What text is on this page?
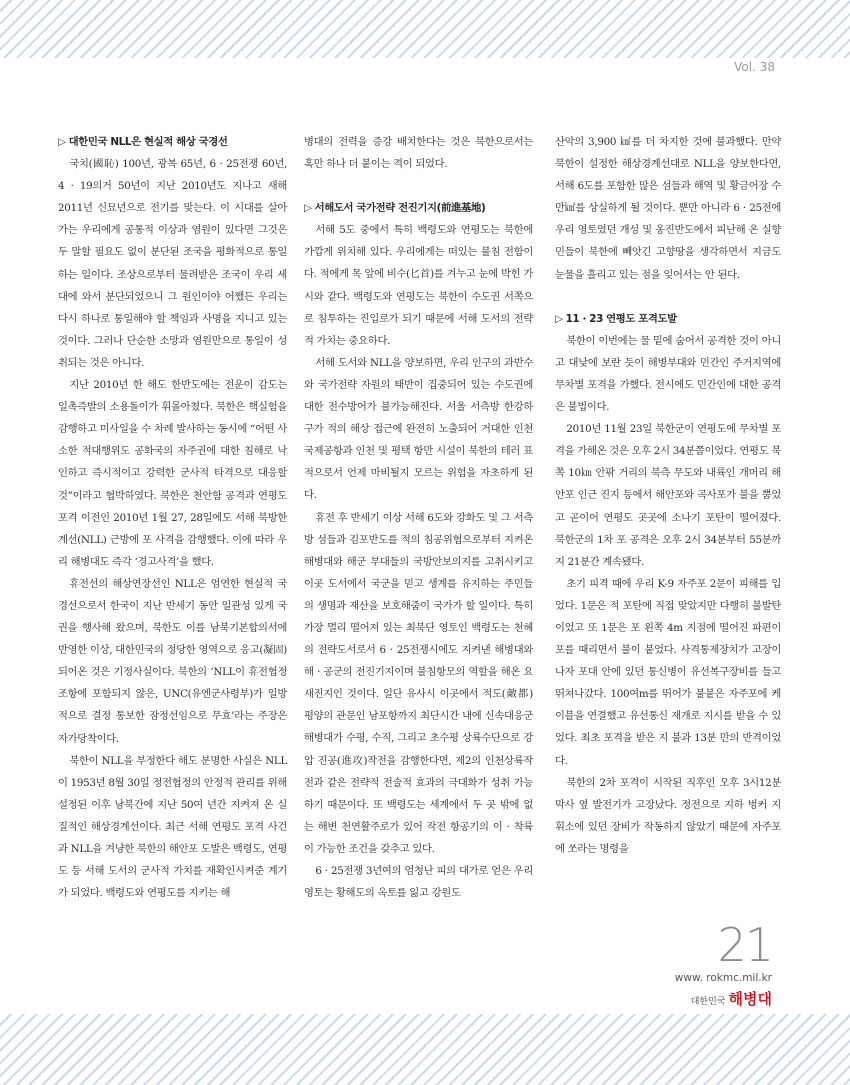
Vol. 38
▷ 대한민국 NLL은 현실적 해상 국경선

국치(國恥) 100년, 광복 65년, 6 · 25전쟁 60년, 4 · 19의거 50년이 지난 2010년도 지나고 새해 2011년 신묘년으로 전기를 맞는다. 이 시대를 살아가는 우리에게 공통적 이상과 염원이 있다면 그것은 두 말할 필요도 없이 분단된 조국을 평화적으로 통일하는 일이다. 조상으로부터 물려받은 조국이 우리 세대에 와서 분단되었으니 그 원인이야 어쨌든 우리는 다시 하나로 통일해야 할 책임과 사명을 지니고 있는 것이다. 그러나 단순한 소망과 염원만으로 통일이 성취되는 것은 아니다.

지난 2010년 한 해도 한반도에는 전운이 감도는 일촉즉발의 소용돌이가 휘몰아쳤다. 북한은 핵실험을 감행하고 미사일을 수 차례 발사하는 동시에 “어떤 사소한 적대행위도 공화국의 자주권에 대한 침해로 낙인하고 즉시적이고 강력한 군사적 타격으로 대응할 것”이라고 협박하였다. 북한은 천안함 공격과 연평도 포격 이전인 2010년 1월 27, 28일에도 서해 북방한계선(NLL) 근방에 포 사격을 감행했다. 이에 따라 우리 해병대도 즉각 ‘경고사격’을 했다.

휴전선의 해상연장선인 NLL은 엄연한 현실적 국경선으로서 한국이 지난 반세기 동안 일관성 있게 국권을 행사해 왔으며, 북한도 이를 남북기본합의서에 반영한 이상, 대한민국의 정당한 영역으로 응고(凝固)되어온 것은 기정사실이다. 북한의 ‘NLL이 휴전협정 조항에 포함되지 않은, UNC(유엔군사령부)가 일방적으로 결정 통보한 잠정선임으로 무효’라는 주장은 자가당착이다.

북한이 NLL을 부정한다 해도 분명한 사실은 NLL이 1953년 8월 30일 정전협정의 안정적 관리를 위해 설정된 이후 남북간에 지난 50여 년간 지켜져 온 실질적인 해상경계선이다. 최근 서해 연평도 포격 사건과 NLL을 겨냥한 북한의 해안포 도발은 백령도, 연평도 등 서해 도서의 군사적 가치를 재확인시켜준 계기가 되었다. 백령도와 연평도를 지키는 해

병대의 전력을 증강 배치한다는 것은 북한으로서는 혹만 하나 더 붙이는 격이 되었다.

▷ 서해도서 국가전략 전진기지(前進基地)

서해 5도 중에서 특히 백령도와 연평도는 북한에 가깝게 위치해 있다. 우리에게는 떠있는 불침 전함이다. 적에게 목 앞에 비수(匕首)를 겨누고 눈에 박힌 가시와 같다. 백령도와 연평도는 북한이 수도권 서쪽으로 침투하는 진입로가 되기 때문에 서해 도서의 전략적 가치는 중요하다.

서해 도서와 NLL을 양보하면, 우리 인구의 과반수와 국가전략 자원의 태반이 집중되어 있는 수도권에 대한 전수방어가 불가능해진다. 서울 서측방 한강하구가 적의 해상 접근에 완전히 노출되어 거대한 인천국제공항과 인천 및 평택 항만 시설이 북한의 테러 표적으로서 언제 마비될지 모르는 위험을 자초하게 된다.

휴전 후 반세기 이상 서해 6도와 강화도 및 그 서측방 섬들과 김포반도를 적의 침공위협으로부터 지켜온 해병대와 해군 부대들의 국방안보의지를 고취시키고 이곳 도서에서 국군을 믿고 생계를 유지하는 주민들의 생명과 재산을 보호해줌이 국가가 할 일이다. 특히 가장 멀리 떨어져 있는 최북단 영토인 백령도는 천혜의 전략도서로서 6 · 25전쟁시에도 지켜낸 해병대와 해 · 공군의 전진기지이며 불침항모의 역할을 해온 요새진지인 것이다. 일단 유사시 이곳에서 적도(敵都) 평양의 관문인 남포항까지 최단시간 내에 신속대응군 해병대가 수평, 수직, 그리고 초수평 상륙수단으로 강압 진공(進攻)작전을 감행한다면, 제2의 인천상륙작전과 같은 전략적 전술적 효과의 극대화가 성취 가능하기 때문이다. 또 백령도는 세계에서 두 곳 밖에 없는 해변 천연활주로가 있어 작전 항공기의 이 · 착륙이 가능한 조건을 갖추고 있다.

6 · 25전쟁 3년여의 엄청난 피의 대가로 얻은 우리 영토는 황해도의 옥토를 잃고 강원도

산악의 3,900 ㎢를 더 차지한 것에 불과했다. 만약 북한이 설정한 해상경계선대로 NLL을 양보한다면, 서해 6도를 포함한 많은 섬들과 해역 및 황금어장 수만㎢를 상실하게 될 것이다. 뿐만 아니라 6 · 25전에 우리 영토였던 개성 및 옹진반도에서 피난해 온 실향민들이 북한에 빼앗긴 고향땅을 생각하면서 지금도 눈물을 흘리고 있는 점을 잊어서는 안 된다.

▷ 11 · 23 연평도 포격도발

북한이 이번에는 물 밑에 숨어서 공격한 것이 아니고 대낮에 보란 듯이 해병부대와 민간인 주거지역에 무차별 포격을 가했다. 전시에도 민간인에 대한 공격은 불법이다.

2010년 11월 23일 북한군이 연평도에 무차별 포격을 가해온 것은 오후 2시 34분쯤이었다. 연평도 북쪽 10㎞ 안팎 거리의 북측 무도와 내륙인 개머리 해안포 인근 진지 등에서 해안포와 곡사포가 불을 뿜었고 곧이어 연평도 곳곳에 소나기 포탄이 떨어졌다. 북한군의 1차 포 공격은 오후 2시 34분부터 55분까지 21분간 계속됐다.

초기 피격 때에 우리 K-9 자주포 2문이 피해를 입었다. 1문은 적 포탄에 직접 맞았지만 다행히 불발탄이었고 또 1문은 포 왼쪽 4m 지점에 떨어진 파편이 포를 때리면서 불이 붙었다. 사격통제장치가 고장이 나자 포대 안에 있던 통신병이 유선복구장비를 들고 뛰쳐나갔다. 100여m를 뛰어가 불붙은 자주포에 케이블을 연결했고 유선통신 재개로 지시를 받을 수 있었다. 최초 포격을 받은 지 불과 13분 만의 반격이었다.

북한의 2차 포격이 시작된 직후인 오후 3시12분 막사 옆 발전기가 고장났다. 정전으로 지하 벙커 지휘소에 있던 장비가 작동하지 않았기 때문에 자주포에 쏘라는 명령을

21
www. rokmc.mil.kr
대한민국 해병대
